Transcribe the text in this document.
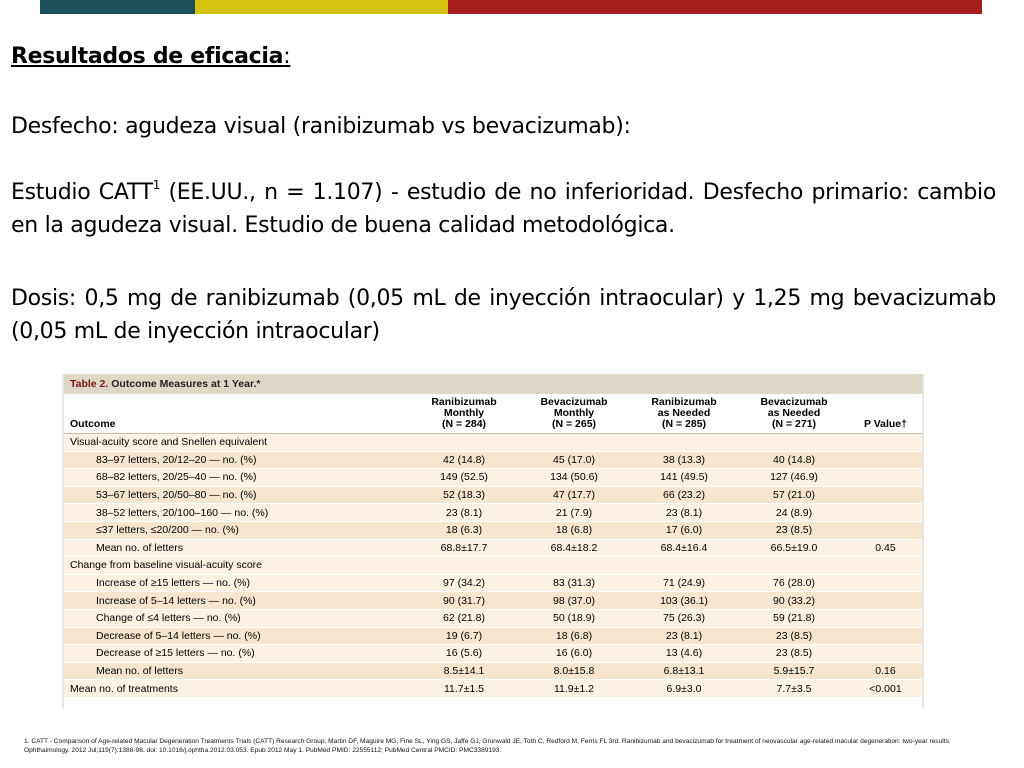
Resultados de eficacia:
Desfecho: agudeza visual (ranibizumab vs bevacizumab):
Estudio CATT$^1$ (EE.UU., n = 1.107) - estudio de no inferioridad. Desfecho primario: cambio en la agudeza visual. Estudio de buena calidad metodológica.
Dosis: 0,5 mg de ranibizumab (0,05 mL de inyección intraocular) y 1,25 mg bevacizumab (0,05 mL de inyección intraocular)
Table 2. Outcome Measures at 1 Year.*
Outcome	Ranibizumab
Monthly
(N = 284)	Bevacizumab
Monthly
(N = 265)	Ranibizumab
as Needed
(N = 285)	Bevacizumab
as Needed
(N = 271)	P Value†
Visual-acuity score and Snellen equivalent					
83–97 letters, 20/12–20 — no. (%)	42 (14.8)	45 (17.0)	38 (13.3)	40 (14.8)	
68–82 letters, 20/25–40 — no. (%)	149 (52.5)	134 (50.6)	141 (49.5)	127 (46.9)	
53–67 letters, 20/50–80 — no. (%)	52 (18.3)	47 (17.7)	66 (23.2)	57 (21.0)	
38–52 letters, 20/100–160 — no. (%)	23 (8.1)	21 (7.9)	23 (8.1)	24 (8.9)	
≤37 letters, ≤20/200 — no. (%)	18 (6.3)	18 (6.8)	17 (6.0)	23 (8.5)	
Mean no. of letters	68.8±17.7	68.4±18.2	68.4±16.4	66.5±19.0	0.45
Change from baseline visual-acuity score					
Increase of ≥15 letters — no. (%)	97 (34.2)	83 (31.3)	71 (24.9)	76 (28.0)	
Increase of 5–14 letters — no. (%)	90 (31.7)	98 (37.0)	103 (36.1)	90 (33.2)	
Change of ≤4 letters — no. (%)	62 (21.8)	50 (18.9)	75 (26.3)	59 (21.8)	
Decrease of 5–14 letters — no. (%)	19 (6.7)	18 (6.8)	23 (8.1)	23 (8.5)	
Decrease of ≥15 letters — no. (%)	16 (5.6)	16 (6.0)	13 (4.6)	23 (8.5)	
Mean no. of letters	8.5±14.1	8.0±15.8	6.8±13.1	5.9±15.7	0.16
Mean no. of treatments	11.7±1.5	11.9±1.2	6.9±3.0	7.7±3.5	<0.001
1. CATT - Comparison of Age-related Macular Degeneration Treatments Trials (CATT) Research Group, Martin DF, Maguire MG, Fine SL, Ying GS, Jaffe GJ, Grunwald JE, Toth C, Redford M, Ferris FL 3rd. Ranibizumab and bevacizumab for treatment of neovascular age-related macular degeneration: two-year results. Ophthalmology. 2012 Jul;119(7):1388-98. doi: 10.1016/j.ophtha.2012.03.053. Epub 2012 May 1. PubMed PMID: 22555112; PubMed Central PMCID: PMC3389193.
